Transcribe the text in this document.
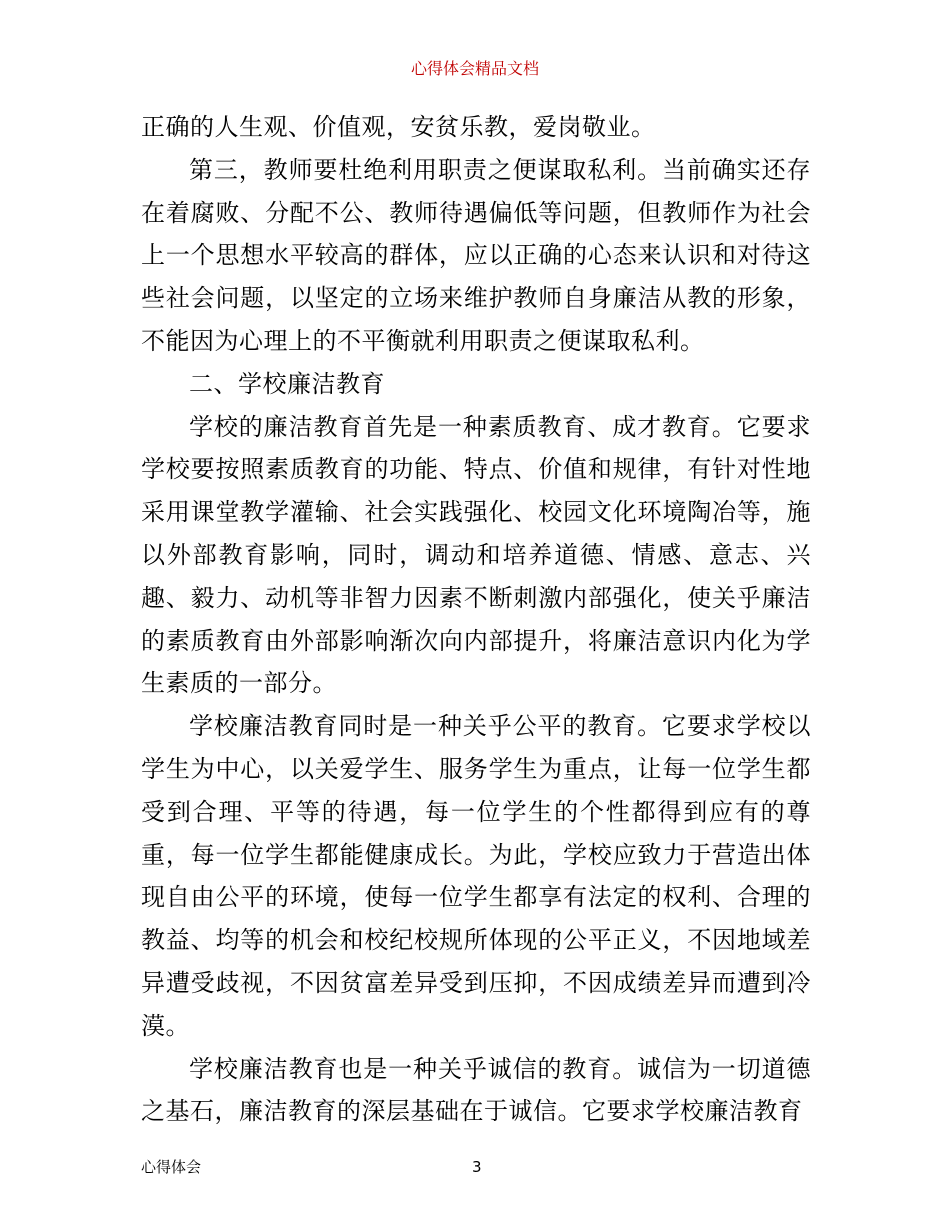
心得体会精品文档

正确的人生观、价值观，安贫乐教，爱岗敬业。

第三，教师要杜绝利用职责之便谋取私利。当前确实还存在着腐败、分配不公、教师待遇偏低等问题，但教师作为社会上一个思想水平较高的群体，应以正确的心态来认识和对待这些社会问题，以坚定的立场来维护教师自身廉洁从教的形象，不能因为心理上的不平衡就利用职责之便谋取私利。

二、学校廉洁教育

学校的廉洁教育首先是一种素质教育、成才教育。它要求学校要按照素质教育的功能、特点、价值和规律，有针对性地采用课堂教学灌输、社会实践强化、校园文化环境陶冶等，施以外部教育影响，同时，调动和培养道德、情感、意志、兴趣、毅力、动机等非智力因素不断刺激内部强化，使关乎廉洁的素质教育由外部影响渐次向内部提升，将廉洁意识内化为学生素质的一部分。

学校廉洁教育同时是一种关乎公平的教育。它要求学校以学生为中心，以关爱学生、服务学生为重点，让每一位学生都受到合理、平等的待遇，每一位学生的个性都得到应有的尊重，每一位学生都能健康成长。为此，学校应致力于营造出体现自由公平的环境，使每一位学生都享有法定的权利、合理的教益、均等的机会和校纪校规所体现的公平正义，不因地域差异遭受歧视，不因贫富差异受到压抑，不因成绩差异而遭到冷漠。

学校廉洁教育也是一种关乎诚信的教育。诚信为一切道德之基石，廉洁教育的深层基础在于诚信。它要求学校廉洁教育

心得体会	3
